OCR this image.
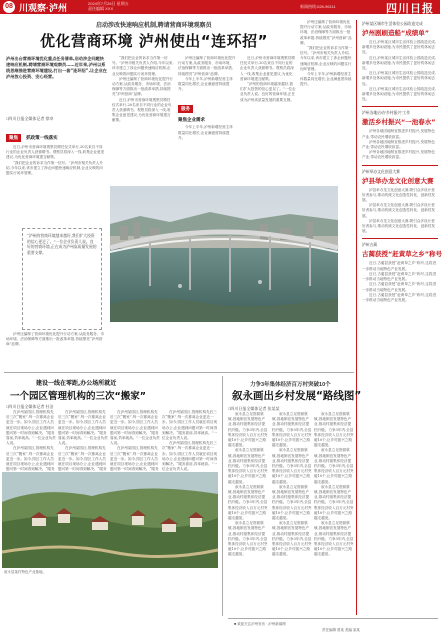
08 川观察·泸州	2024年7月26日 星期五
责任编辑 XXX	新闻热线:028-96111	四川日报
启动涉改快速响应机制,聘请营商环境观察员
优化营商环境 泸州使出“连环招”
□四川日报全媒体记者 徐卓
泸州出台营商环境优化重点任务清单,启动涉企问题快速响应机制,聘请营商环境观察员……近年来,泸州以系统思维推进营商环境建设,打出一套“连环招”,让企业在泸州放心投资、安心经营。
聚焦 抓政策一线落实

近日,泸州市营商环境观察员聘任仪式举行,20名来自不同行业的企业负责人获颁聘书。观察员将深入一线,收集企业意见建议,为优化营商环境建言献策。

“我们把企业的诉求当作第一信号。”泸州市相关负责人介绍,今年以来,该市建立了涉企问题快速响应机制,企业反映的问题实行闭环管理。

“我们把企业的诉求当作第一信号。”泸州市相关负责人介绍,今年以来,该市建立了涉企问题快速响应机制,企业反映的问题实行闭环管理。

泸州还编制了营商环境优化提升行动方案,从政务服务、市场环境、法治保障等方面推出一批改革举措,持续擦亮“泸州营商”品牌。

近日,泸州市营商环境观察员聘任仪式举行,20名来自不同行业的企业负责人获颁聘书。观察员将深入一线,收集企业意见建议,为优化营商环境建言献策。

泸州还编制了营商环境优化提升行动方案,从政务服务、市场环境、法治保障等方面推出一批改革举措,持续擦亮“泸州营商”品牌。

今年上半年,泸州新增经营主体数量同比增长,企业满意度持续提升。

服务
聚焦企业需求

今年上半年,泸州新增经营主体数量同比增长,企业满意度持续提升。

近日,泸州市营商环境观察员聘任仪式举行,20名来自不同行业的企业负责人获颁聘书。观察员将深入一线,收集企业意见建议,为优化营商环境建言献策。

“泸州的营商环境越来越好,我们扩大投资的信心更足了。”一位企业负责人说。良好的营商环境,正在成为泸州高质量发展的重要支撑。

泸州还编制了营商环境优化提升行动方案,从政务服务、市场环境、法治保障等方面推出一批改革举措,持续擦亮“泸州营商”品牌。

“我们把企业的诉求当作第一信号。”泸州市相关负责人介绍,今年以来,该市建立了涉企问题快速响应机制,企业反映的问题实行闭环管理。

今年上半年,泸州新增经营主体数量同比增长,企业满意度持续提升。

“泸州的营商环境越来越好,我们扩大投资的信心更足了。”一位企业负责人说。良好的营商环境,正在成为泸州高质量发展的重要支撑。

泸州还编制了营商环境优化提升行动方案,从政务服务、市场环境、法治保障等方面推出一批改革举措,持续擦亮“泸州营商”品牌。

泸州某区城市生活体验公园改造完成
泸州剧刷造船“成绩单”

近日,泸州某区城市生活体验公园改造完成,新增多处休闲设施,为市民提供了更好的休闲去处。

近日,泸州某区城市生活体验公园改造完成,新增多处休闲设施,为市民提供了更好的休闲去处。

近日,泸州某区城市生活体验公园改造完成,新增多处休闲设施,为市民提供了更好的休闲去处。

近日,泸州某区城市生活体验公园改造完成,新增多处休闲设施,为市民提供了更好的休闲去处。

泸州各地启动“乡村振兴”工作
激活乡村振兴“一池春水”

泸州各地因地制宜推进乡村振兴,发展特色产业,带动农民增收致富。

泸州各地因地制宜推进乡村振兴,发展特色产业,带动农民增收致富。

泸州各地因地制宜推进乡村振兴,发展特色产业,带动农民增收致富。

泸州举办文化创意大赛
泸县举办龙文化创意大赛

泸县举办龙文化创意大赛,吸引众多设计爱好者参与,推动传统文化创造性转化、创新性发展。

泸县举办龙文化创意大赛,吸引众多设计爱好者参与,推动传统文化创造性转化、创新性发展。

泸县举办龙文化创意大赛,吸引众多设计爱好者参与,推动传统文化创造性转化、创新性发展。

泸州古蔺
古蔺获授“赶黄草之乡”称号

近日,古蔺县获授“赶黄草之乡”称号,这将进一步推动当地特色产业发展。

近日,古蔺县获授“赶黄草之乡”称号,这将进一步推动当地特色产业发展。

近日,古蔺县获授“赶黄草之乡”称号,这将进一步推动当地特色产业发展。

近日,古蔺县获授“赶黄草之乡”称号,这将进一步推动当地特色产业发展。

建设一线在零距,办公场所就近
一个园区管理机构的三次“搬家”
□四川日报全媒体记者 杜洁

在泸州某园区,管理机构先后三次“搬家”,每一次都离企业更近一步。如今,园区工作人员就在项目现场办公,企业遇到问题可第一时间得到解决。“服务靠前,效率就高。”一位企业负责人说。

在泸州某园区,管理机构先后三次“搬家”,每一次都离企业更近一步。如今,园区工作人员就在项目现场办公,企业遇到问题可第一时间得到解决。“服务

在泸州某园区,管理机构先后三次“搬家”,每一次都离企业更近一步。如今,园区工作人员就在项目现场办公,企业遇到问题可第一时间得到解决。“服务靠前,效率就高。”一位企业负责人说。

在泸州某园区,管理机构先后三次“搬家”,每一次都离企业更近一步。如今,园区工作人员就在项目现场办公,企业遇到问题可第一时间得到解决。“服务

在泸州某园区,管理机构先后三次“搬家”,每一次都离企业更近一步。如今,园区工作人员就在项目现场办公,企业遇到问题可第一时间得到解决。“服务靠前,效率就高。”一位企业负责人说。

在泸州某园区,管理机构先后三次“搬家”,每一次都离企业更近一步。如今,园区工作人员就在项目现场办公,企业遇到问题可第一时间得到解决。“服务

在泸州某园区,管理机构先后三次“搬家”,每一次都离企业更近一步。如今,园区工作人员就在项目现场办公,企业遇到问题可第一时间得到解决。“服务靠前,效率就高。”一位企业负责人说。

在泸州某园区,管理机构先后三次“搬家”,每一次都离企业更近一步。如今,园区工作人员就在项目现场办公,企业遇到问题可第一时间得到解决。“服务靠前,效率就高。”一位企业负责人说。

力争3年集体经济百万村突破10个
叙永画出乡村发展“路线图”
□四川日报全媒体记者 张某某

叙永县立足资源禀赋,因地制宜发展特色产业,推动村级集体经济提档升级。力争3年内,全县集体经济收入百万元村突破10个,让乡村振兴之路越走越宽。

叙永县立足资源禀赋,因地制宜发展特色产业,推动村级集体经济提档升级。力争3年内,全县集体经济收入百万元村突破10个,让乡村振兴之路越走越宽。

叙永县立足资源禀赋,因地制宜发展特色产业,推动村级集体经济提档升级。力争3年内,全县集体经济收入百万元村突破10个,让乡村振兴之路越走越宽。

叙永县立足资源禀赋,因地制宜发展特色产业,推动村级集体经济提档升级。力争3年内,全县集体经济收入百万元村突破10个,让乡村振兴之路越走越宽。

叙永县立足资源禀赋,因地制宜发展特色产业,推动村级集体经济提档升级。力争3年内,全县集体经济收入百万元村突破10个,让乡村振兴之路越走越宽。

叙永县立足资源禀赋,因地制宜发展特色产业,推动村级集体经济提档升级。力争3年内,全县集体经济收入百万元村突破10个,让乡村振兴之路越走越宽。

叙永县立足资源禀赋,因地制宜发展特色产业,推动村级集体经济提档升级。力争3年内,全县集体经济收入百万元村突破10个,让乡村振兴之路越走越宽。

叙永县立足资源禀赋,因地制宜发展特色产业,推动村级集体经济提档升级。力争3年内,全县集体经济收入百万元村突破10个,让乡村振兴之路越走越宽。

叙永县立足资源禀赋,因地制宜发展特色产业,推动村级集体经济提档升级。力争3年内,全县集体经济收入百万元村突破10个,让乡村振兴之路越走越宽。

叙永县立足资源禀赋,因地制宜发展特色产业,推动村级集体经济提档升级。力争3年内,全县集体经济收入百万元村突破10个,让乡村振兴之路越走越宽。

叙永县立足资源禀赋,因地制宜发展特色产业,推动村级集体经济提档升级。力争3年内,全县集体经济收入百万元村突破10个,让乡村振兴之路越走越宽。

叙永县立足资源禀赋,因地制宜发展特色产业,推动村级集体经济提档升级。力争3年内,全县集体经济收入百万元村突破10个,让乡村振兴之路越走越宽。

叙永县某村特色产业基地。
■ 欢迎关注泸州发布 · 泸州新闻网
责任编辑 曾某 美编 某某
